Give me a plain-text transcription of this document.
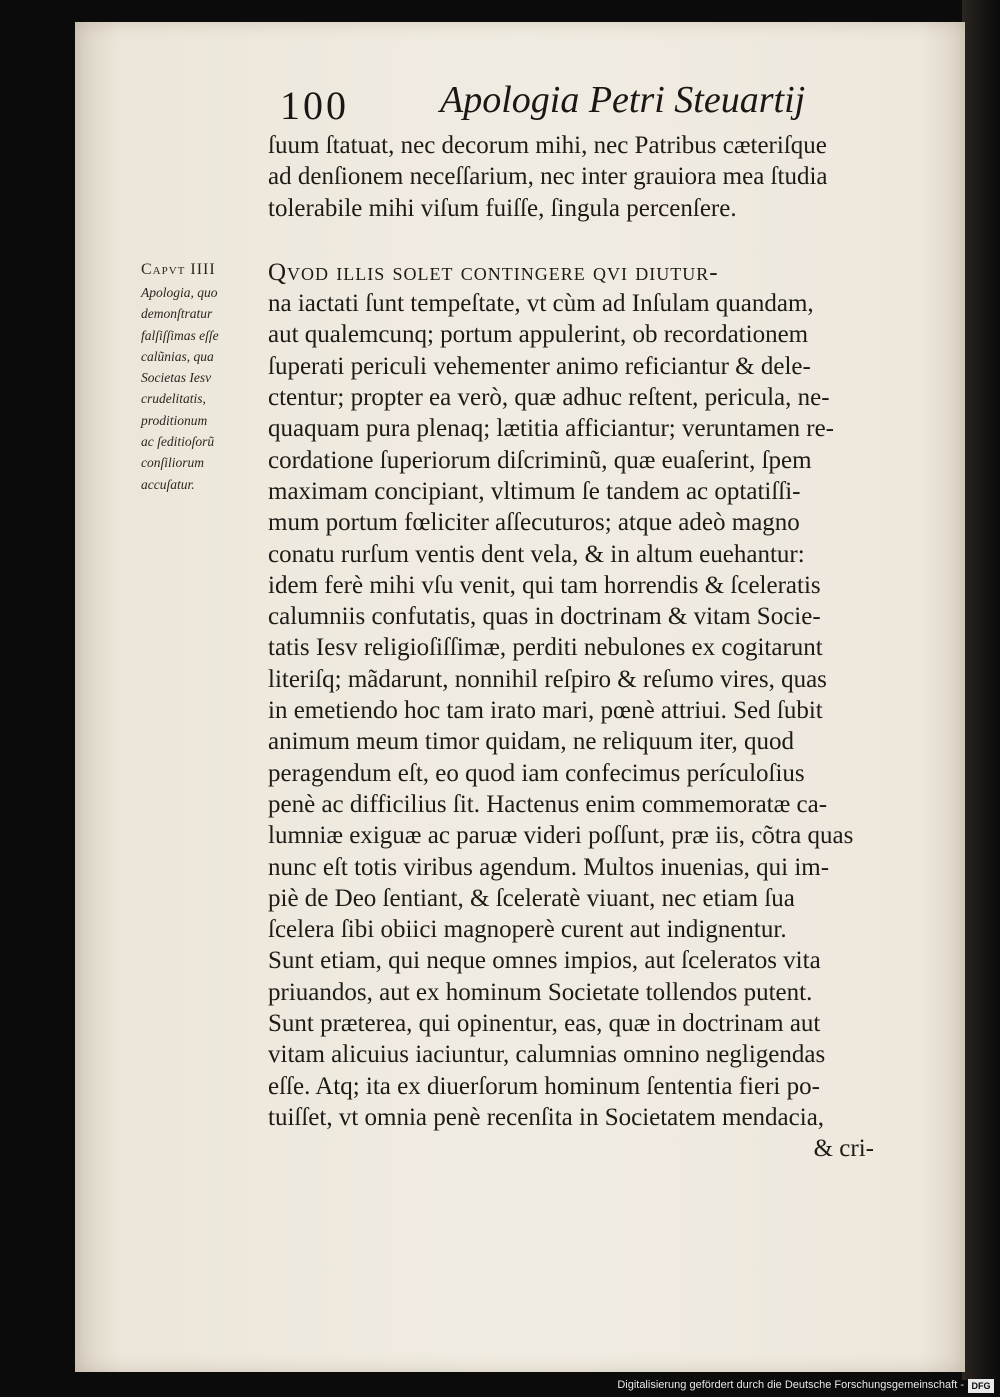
100 Apologia Petri Steuartij
Capvt IIII
Apologia, quo
demonſtratur
falſiſſimas eſſe
calũnias, qua
Societas Iesv
crudelitatis,
proditionum
ac ſeditioſorũ
conſiliorum
accuſatur.
ſuum ſtatuat, nec decorum mihi, nec Patribus cæteriſque
ad denſionem neceſſarium, nec inter grauiora mea ſtudia
tolerabile mihi viſum fuiſſe, ſingula percenſere.
Qvod illis solet contingere qvi diutur-
na iactati ſunt tempeſtate, vt cùm ad Inſulam quandam,
aut qualemcunq; portum appulerint, ob recordationem
ſuperati periculi vehementer animo reficiantur & dele-
ctentur; propter ea verò, quæ adhuc reſtent, pericula, ne-
quaquam pura plenaq; lætitia afficiantur; veruntamen re-
cordatione ſuperiorum diſcriminũ, quæ euaſerint, ſpem
maximam concipiant, vltimum ſe tandem ac optatiſſi-
mum portum fœliciter aſſecuturos; atque adeò magno
conatu rurſum ventis dent vela, & in altum euehantur:
idem ferè mihi vſu venit, qui tam horrendis & ſceleratis
calumniis confutatis, quas in doctrinam & vitam Socie-
tatis Iesv religioſiſſimæ, perditi nebulones ex cogitarunt
literiſq; mãdarunt, nonnihil reſpiro & reſumo vires, quas
in emetiendo hoc tam irato mari, pœnè attriui. Sed ſubit
animum meum timor quidam, ne reliquum iter, quod
peragendum eſt, eo quod iam confecimus perículoſius
penè ac difficilius ſit. Hactenus enim commemoratæ ca-
lumniæ exiguæ ac paruæ videri poſſunt, præ iis, cõtra quas
nunc eſt totis viribus agendum. Multos inuenias, qui im-
piè de Deo ſentiant, & ſceleratè viuant, nec etiam ſua
ſcelera ſibi obiici magnoperè curent aut indignentur.
Sunt etiam, qui neque omnes impios, aut ſceleratos vita
priuandos, aut ex hominum Societate tollendos putent.
Sunt præterea, qui opinentur, eas, quæ in doctrinam aut
vitam alicuius iaciuntur, calumnias omnino negligendas
eſſe. Atq; ita ex diuerſorum hominum ſententia fieri po-
tuiſſet, vt omnia penè recenſita in Societatem mendacia,
& cri-
Digitalisierung gefördert durch die Deutsche Forschungsgemeinschaft - DFG
